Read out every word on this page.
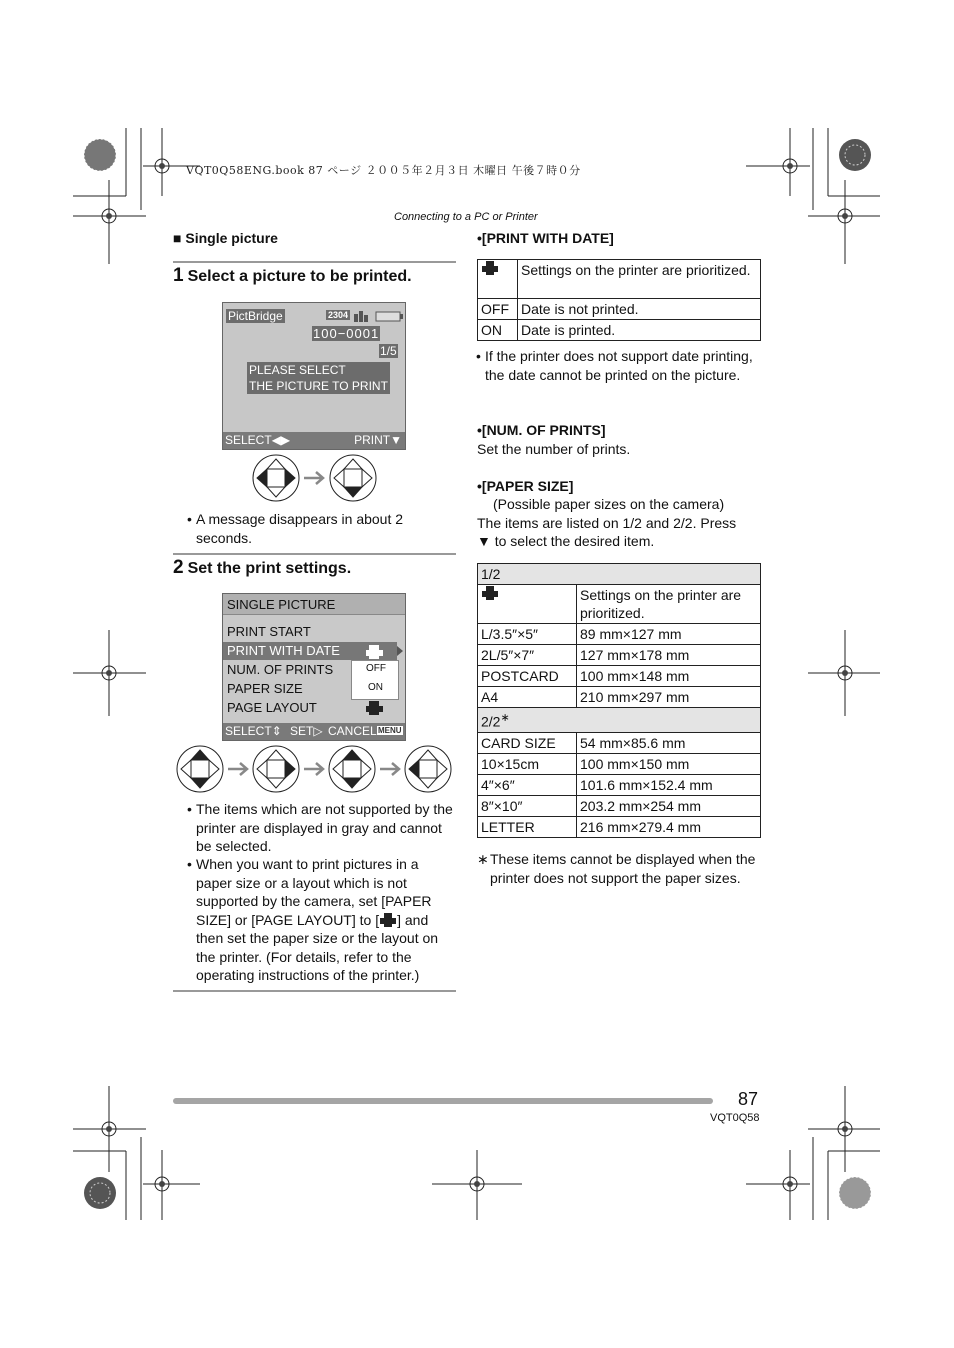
VQT0Q58ENG.book 87 ページ ２００５年２月３日 木曜日 午後７時０分
Connecting to a PC or Printer
■ Single picture
1 Select a picture to be printed.
PictBridge	2304
100−0001
1/5
PLEASE SELECT
THE PICTURE TO PRINT
SELECT◀▶	PRINT▼
• A message disappears in about 2 seconds.
2 Set the print settings.
SINGLE PICTURE
PRINT START
PRINT WITH DATE
NUM. OF PRINTS
PAPER SIZE
PAGE LAYOUT
OFF
ON
SELECT⇕ SET▷ CANCEL MENU
• The items which are not supported by the printer are displayed in gray and cannot be selected.
• When you want to print pictures in a paper size or a layout which is not supported by the camera, set [PAPER SIZE] or [PAGE LAYOUT] to [ ] and then set the paper size or the layout on the printer. (For details, refer to the operating instructions of the printer.)
•[PRINT WITH DATE]
	Settings on the printer are prioritized.
OFF	Date is not printed.
ON	Date is printed.
• If the printer does not support date printing, the date cannot be printed on the picture.
•[NUM. OF PRINTS]
Set the number of prints.
•[PAPER SIZE]
(Possible paper sizes on the camera)
The items are listed on 1/2 and 2/2. Press
▼ to select the desired item.
1/2	
	Settings on the printer are prioritized.
L/3.5″×5″	89 mm×127 mm
2L/5″×7″	127 mm×178 mm
POSTCARD	100 mm×148 mm
A4	210 mm×297 mm
2/2∗
CARD SIZE	54 mm×85.6 mm
10×15cm	100 mm×150 mm
4″×6″	101.6 mm×152.4 mm
8″×10″	203.2 mm×254 mm
LETTER	216 mm×279.4 mm
∗ These items cannot be displayed when the printer does not support the paper sizes.
87
VQT0Q58
